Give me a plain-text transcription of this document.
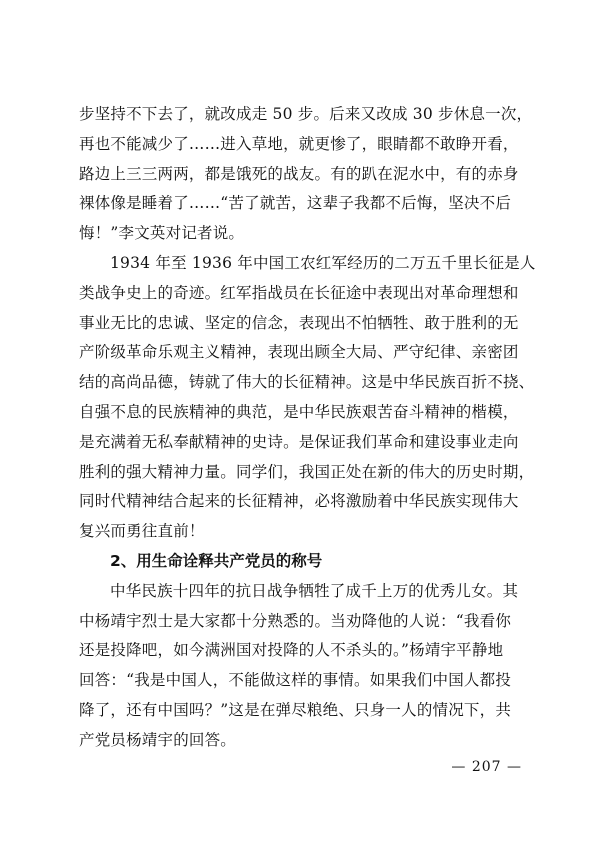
步坚持不下去了，就改成走 50 步。后来又改成 30 步休息一次，
再也不能减少了……进入草地，就更惨了，眼睛都不敢睁开看，
路边上三三两两，都是饿死的战友。有的趴在泥水中，有的赤身
裸体像是睡着了……“苦了就苦，这辈子我都不后悔，坚决不后
悔！”李文英对记者说。

1934 年至 1936 年中国工农红军经历的二万五千里长征是人
类战争史上的奇迹。红军指战员在长征途中表现出对革命理想和
事业无比的忠诚、坚定的信念，表现出不怕牺牲、敢于胜利的无
产阶级革命乐观主义精神，表现出顾全大局、严守纪律、亲密团
结的高尚品德，铸就了伟大的长征精神。这是中华民族百折不挠、
自强不息的民族精神的典范，是中华民族艰苦奋斗精神的楷模，
是充满着无私奉献精神的史诗。是保证我们革命和建设事业走向
胜利的强大精神力量。同学们，我国正处在新的伟大的历史时期，
同时代精神结合起来的长征精神，必将激励着中华民族实现伟大
复兴而勇往直前！

2、用生命诠释共产党员的称号

中华民族十四年的抗日战争牺牲了成千上万的优秀儿女。其
中杨靖宇烈士是大家都十分熟悉的。当劝降他的人说：“我看你
还是投降吧，如今满洲国对投降的人不杀头的。”杨靖宇平静地
回答：“我是中国人，不能做这样的事情。如果我们中国人都投
降了，还有中国吗？”这是在弹尽粮绝、只身一人的情况下，共
产党员杨靖宇的回答。

— 207 —
